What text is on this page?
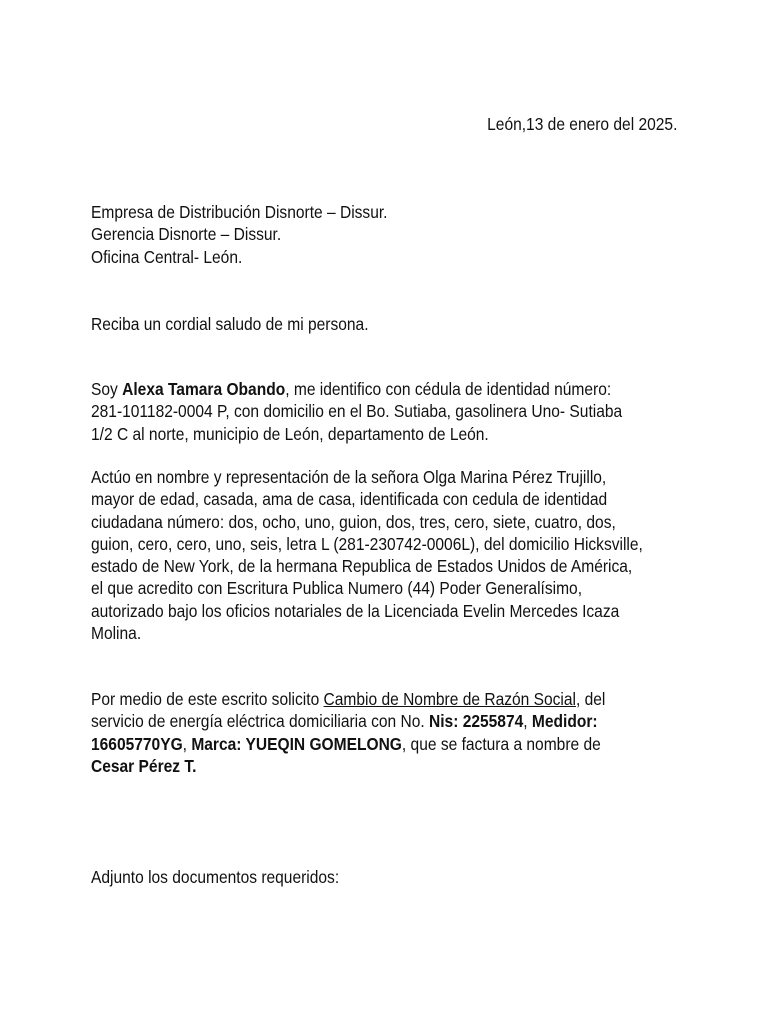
León,13 de enero del 2025.
Empresa de Distribución Disnorte – Dissur.
Gerencia Disnorte – Dissur.
Oficina Central- León.
Reciba un cordial saludo de mi persona.
Soy Alexa Tamara Obando, me identifico con cédula de identidad número:
281-101182-0004 P, con domicilio en el Bo. Sutiaba, gasolinera Uno- Sutiaba
1/2 C al norte, municipio de León, departamento de León.
Actúo en nombre y representación de la señora Olga Marina Pérez Trujillo,
mayor de edad, casada, ama de casa, identificada con cedula de identidad
ciudadana número: dos, ocho, uno, guion, dos, tres, cero, siete, cuatro, dos,
guion, cero, cero, uno, seis, letra L (281-230742-0006L), del domicilio Hicksville,
estado de New York, de la hermana Republica de Estados Unidos de América,
el que acredito con Escritura Publica Numero (44) Poder Generalísimo,
autorizado bajo los oficios notariales de la Licenciada Evelin Mercedes Icaza
Molina.
Por medio de este escrito solicito Cambio de Nombre de Razón Social, del
servicio de energía eléctrica domiciliaria con No. Nis: 2255874, Medidor:
16605770YG, Marca: YUEQIN GOMELONG, que se factura a nombre de
Cesar Pérez T.
Adjunto los documentos requeridos:
